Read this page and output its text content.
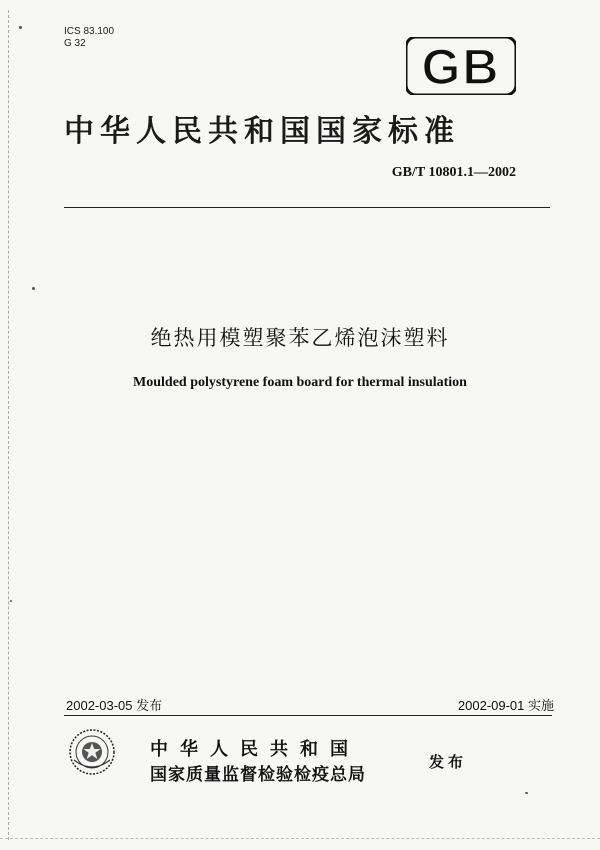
ICS 83.100
G 32	GB
中华人民共和国国家标准
GB/T 10801.1—2002
绝热用模塑聚苯乙烯泡沫塑料
Moulded polystyrene foam board for thermal insulation
2002-03-05 发布	2002-09-01 实施
中华人民共和国
国家质量监督检验检疫总局
发布
